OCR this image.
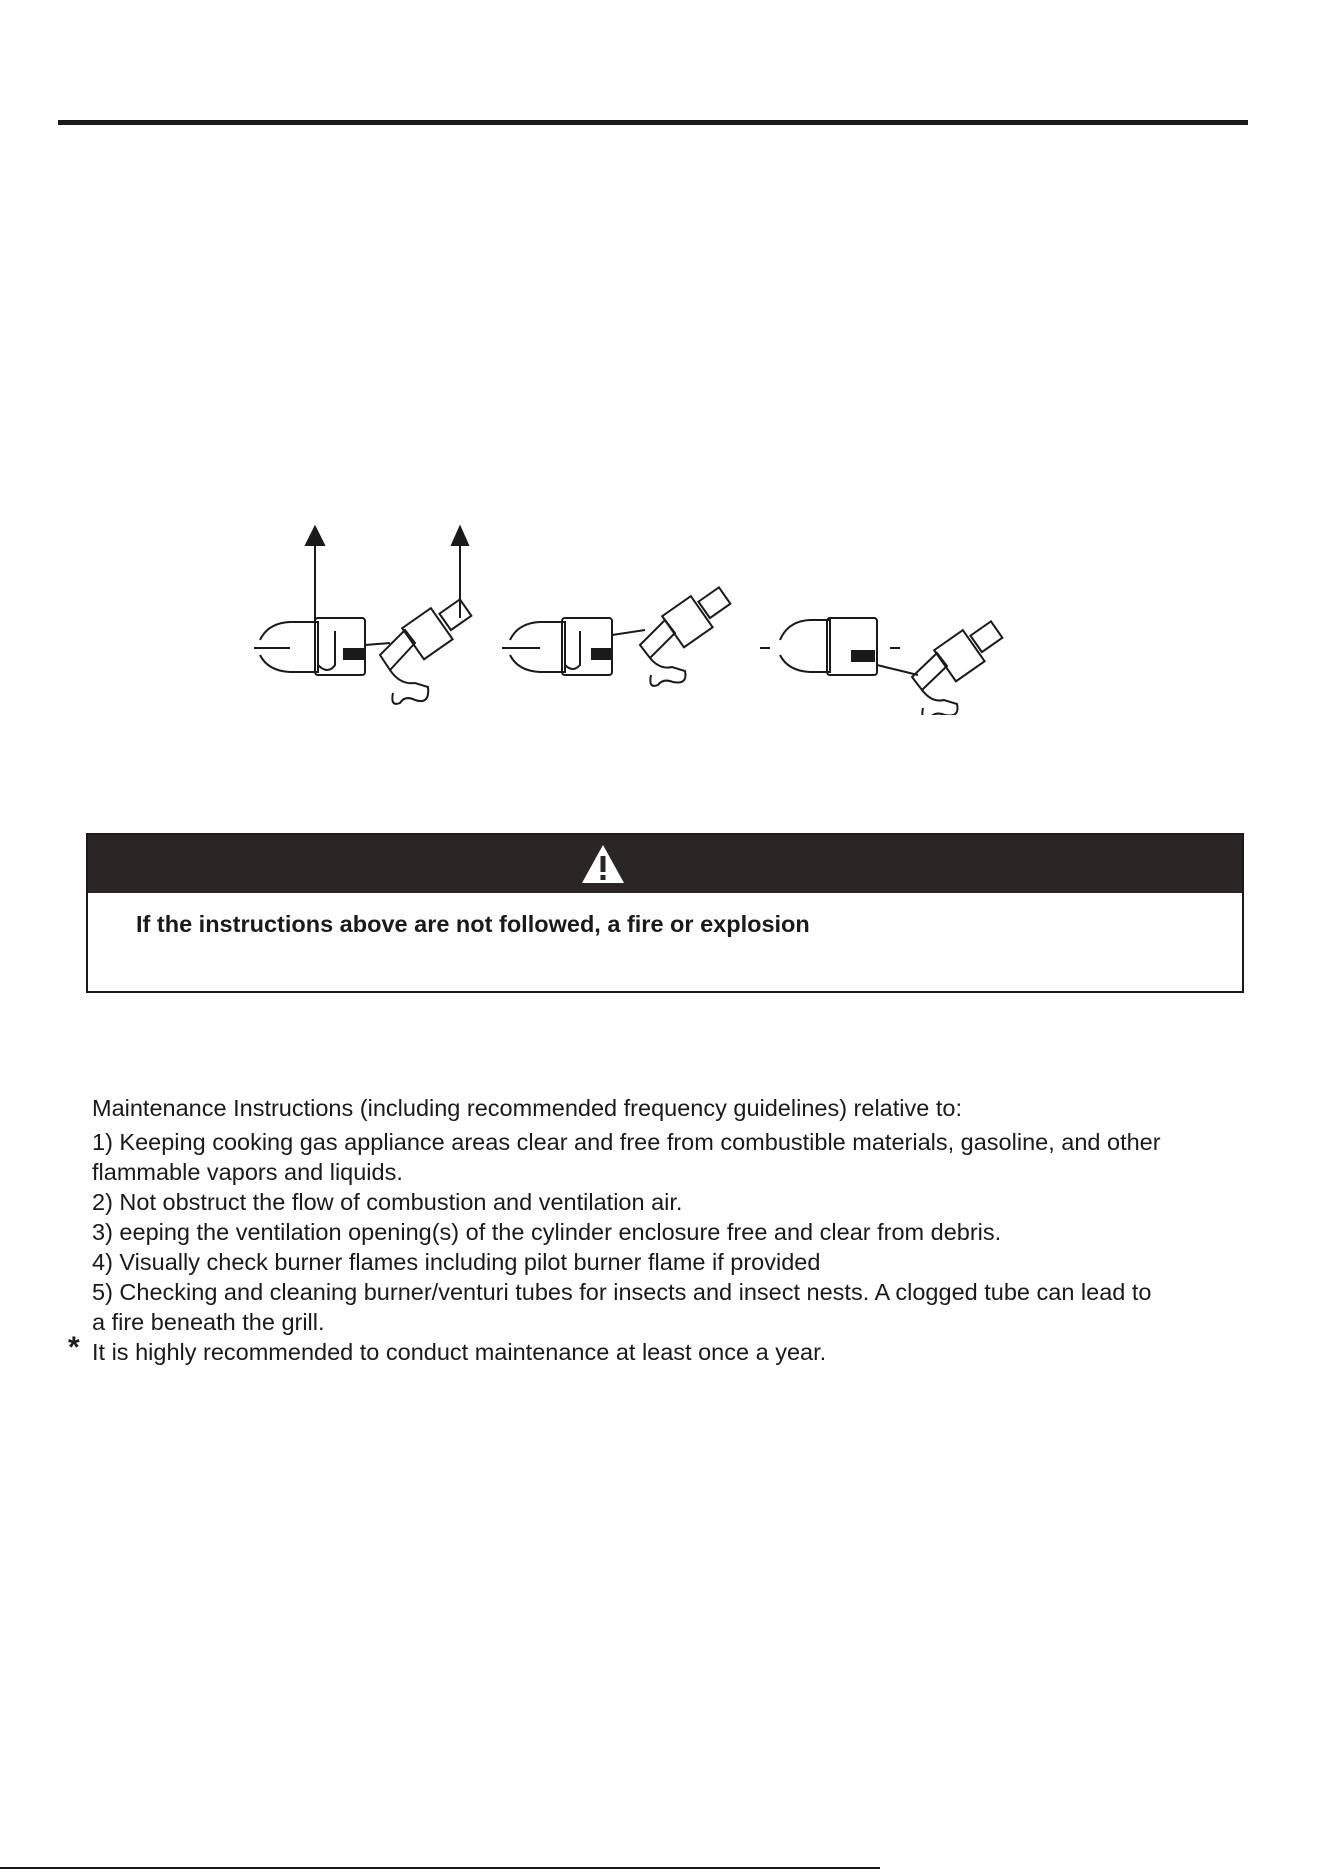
If the instructions above are not followed, a fire or explosion

Maintenance Instructions (including recommended frequency guidelines) relative to:

1) Keeping cooking gas appliance areas clear and free from combustible materials, gasoline, and other

flammable vapors and liquids.

2) Not obstruct the flow of combustion and ventilation air.

3) eeping the ventilation opening(s) of the cylinder enclosure free and clear from debris.

4) Visually check burner flames including pilot burner flame if provided

5) Checking and cleaning burner/venturi tubes for insects and insect nests. A clogged tube can lead to

a fire beneath the grill.

* It is highly recommended to conduct maintenance at least once a year.
